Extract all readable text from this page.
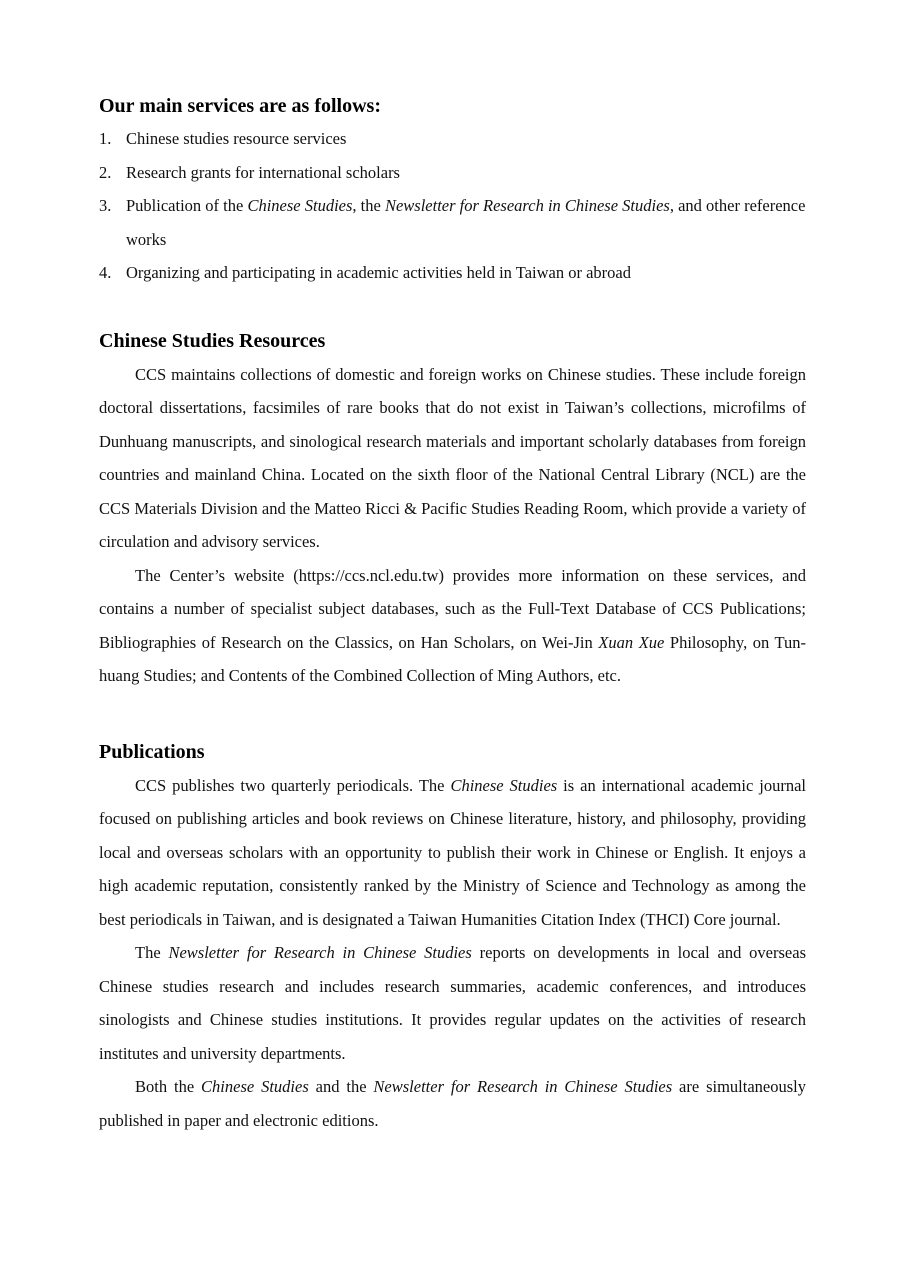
Our main services are as follows:
1. Chinese studies resource services
2. Research grants for international scholars
3. Publication of the Chinese Studies, the Newsletter for Research in Chinese Studies, and other reference works
4. Organizing and participating in academic activities held in Taiwan or abroad
Chinese Studies Resources

CCS maintains collections of domestic and foreign works on Chinese studies. These include foreign doctoral dissertations, facsimiles of rare books that do not exist in Taiwan’s collections, microfilms of Dunhuang manuscripts, and sinological research materials and important scholarly databases from foreign countries and mainland China. Located on the sixth floor of the National Central Library (NCL) are the CCS Materials Division and the Matteo Ricci & Pacific Studies Reading Room, which provide a variety of circulation and advisory services.

The Center’s website (https://ccs.ncl.edu.tw) provides more information on these services, and contains a number of specialist subject databases, such as the Full-Text Database of CCS Publications; Bibliographies of Research on the Classics, on Han Scholars, on Wei-Jin Xuan Xue Philosophy, on Tun-huang Studies; and Contents of the Combined Collection of Ming Authors, etc.

Publications

CCS publishes two quarterly periodicals. The Chinese Studies is an international academic journal focused on publishing articles and book reviews on Chinese literature, history, and philosophy, providing local and overseas scholars with an opportunity to publish their work in Chinese or English. It enjoys a high academic reputation, consistently ranked by the Ministry of Science and Technology as among the best periodicals in Taiwan, and is designated a Taiwan Humanities Citation Index (THCI) Core journal.

The Newsletter for Research in Chinese Studies reports on developments in local and overseas Chinese studies research and includes research summaries, academic conferences, and introduces sinologists and Chinese studies institutions. It provides regular updates on the activities of research institutes and university departments.

Both the Chinese Studies and the Newsletter for Research in Chinese Studies are simultaneously published in paper and electronic editions.
